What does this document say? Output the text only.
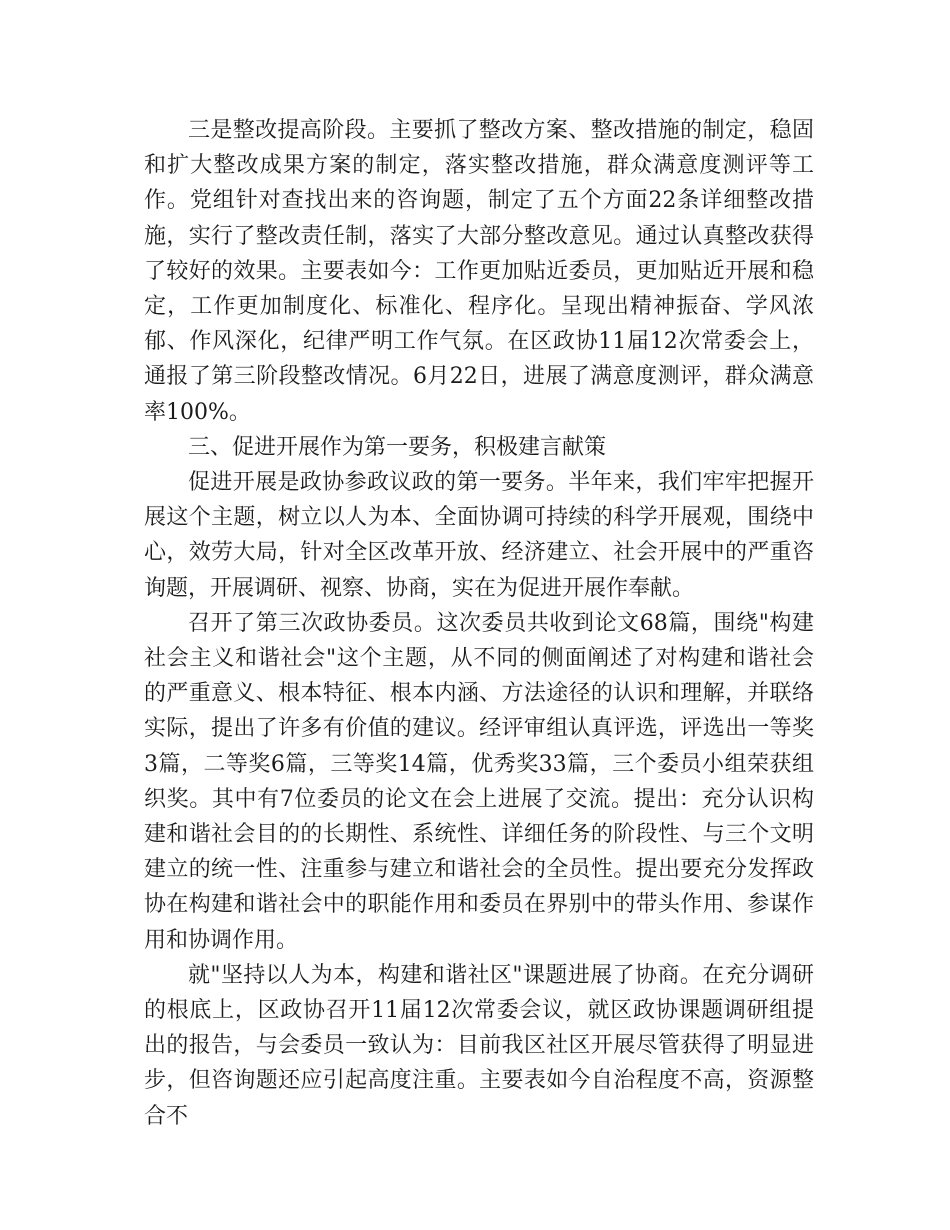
三是整改提高阶段。主要抓了整改方案、整改措施的制定，稳固和扩大整改成果方案的制定，落实整改措施，群众满意度测评等工作。党组针对查找出来的咨询题，制定了五个方面22条详细整改措施，实行了整改责任制，落实了大部分整改意见。通过认真整改获得了较好的效果。主要表如今：工作更加贴近委员，更加贴近开展和稳定，工作更加制度化、标准化、程序化。呈现出精神振奋、学风浓郁、作风深化，纪律严明工作气氛。在区政协11届12次常委会上，通报了第三阶段整改情况。6月22日，进展了满意度测评，群众满意率100%。

三、促进开展作为第一要务，积极建言献策

促进开展是政协参政议政的第一要务。半年来，我们牢牢把握开展这个主题，树立以人为本、全面协调可持续的科学开展观，围绕中心，效劳大局，针对全区改革开放、经济建立、社会开展中的严重咨询题，开展调研、视察、协商，实在为促进开展作奉献。

召开了第三次政协委员。这次委员共收到论文68篇，围绕"构建社会主义和谐社会"这个主题，从不同的侧面阐述了对构建和谐社会的严重意义、根本特征、根本内涵、方法途径的认识和理解，并联络实际，提出了许多有价值的建议。经评审组认真评选，评选出一等奖3篇，二等奖6篇，三等奖14篇，优秀奖33篇，三个委员小组荣获组织奖。其中有7位委员的论文在会上进展了交流。提出：充分认识构建和谐社会目的的长期性、系统性、详细任务的阶段性、与三个文明建立的统一性、注重参与建立和谐社会的全员性。提出要充分发挥政协在构建和谐社会中的职能作用和委员在界别中的带头作用、参谋作用和协调作用。

就"坚持以人为本，构建和谐社区"课题进展了协商。在充分调研的根底上，区政协召开11届12次常委会议，就区政协课题调研组提出的报告，与会委员一致认为：目前我区社区开展尽管获得了明显进步，但咨询题还应引起高度注重。主要表如今自治程度不高，资源整合不
